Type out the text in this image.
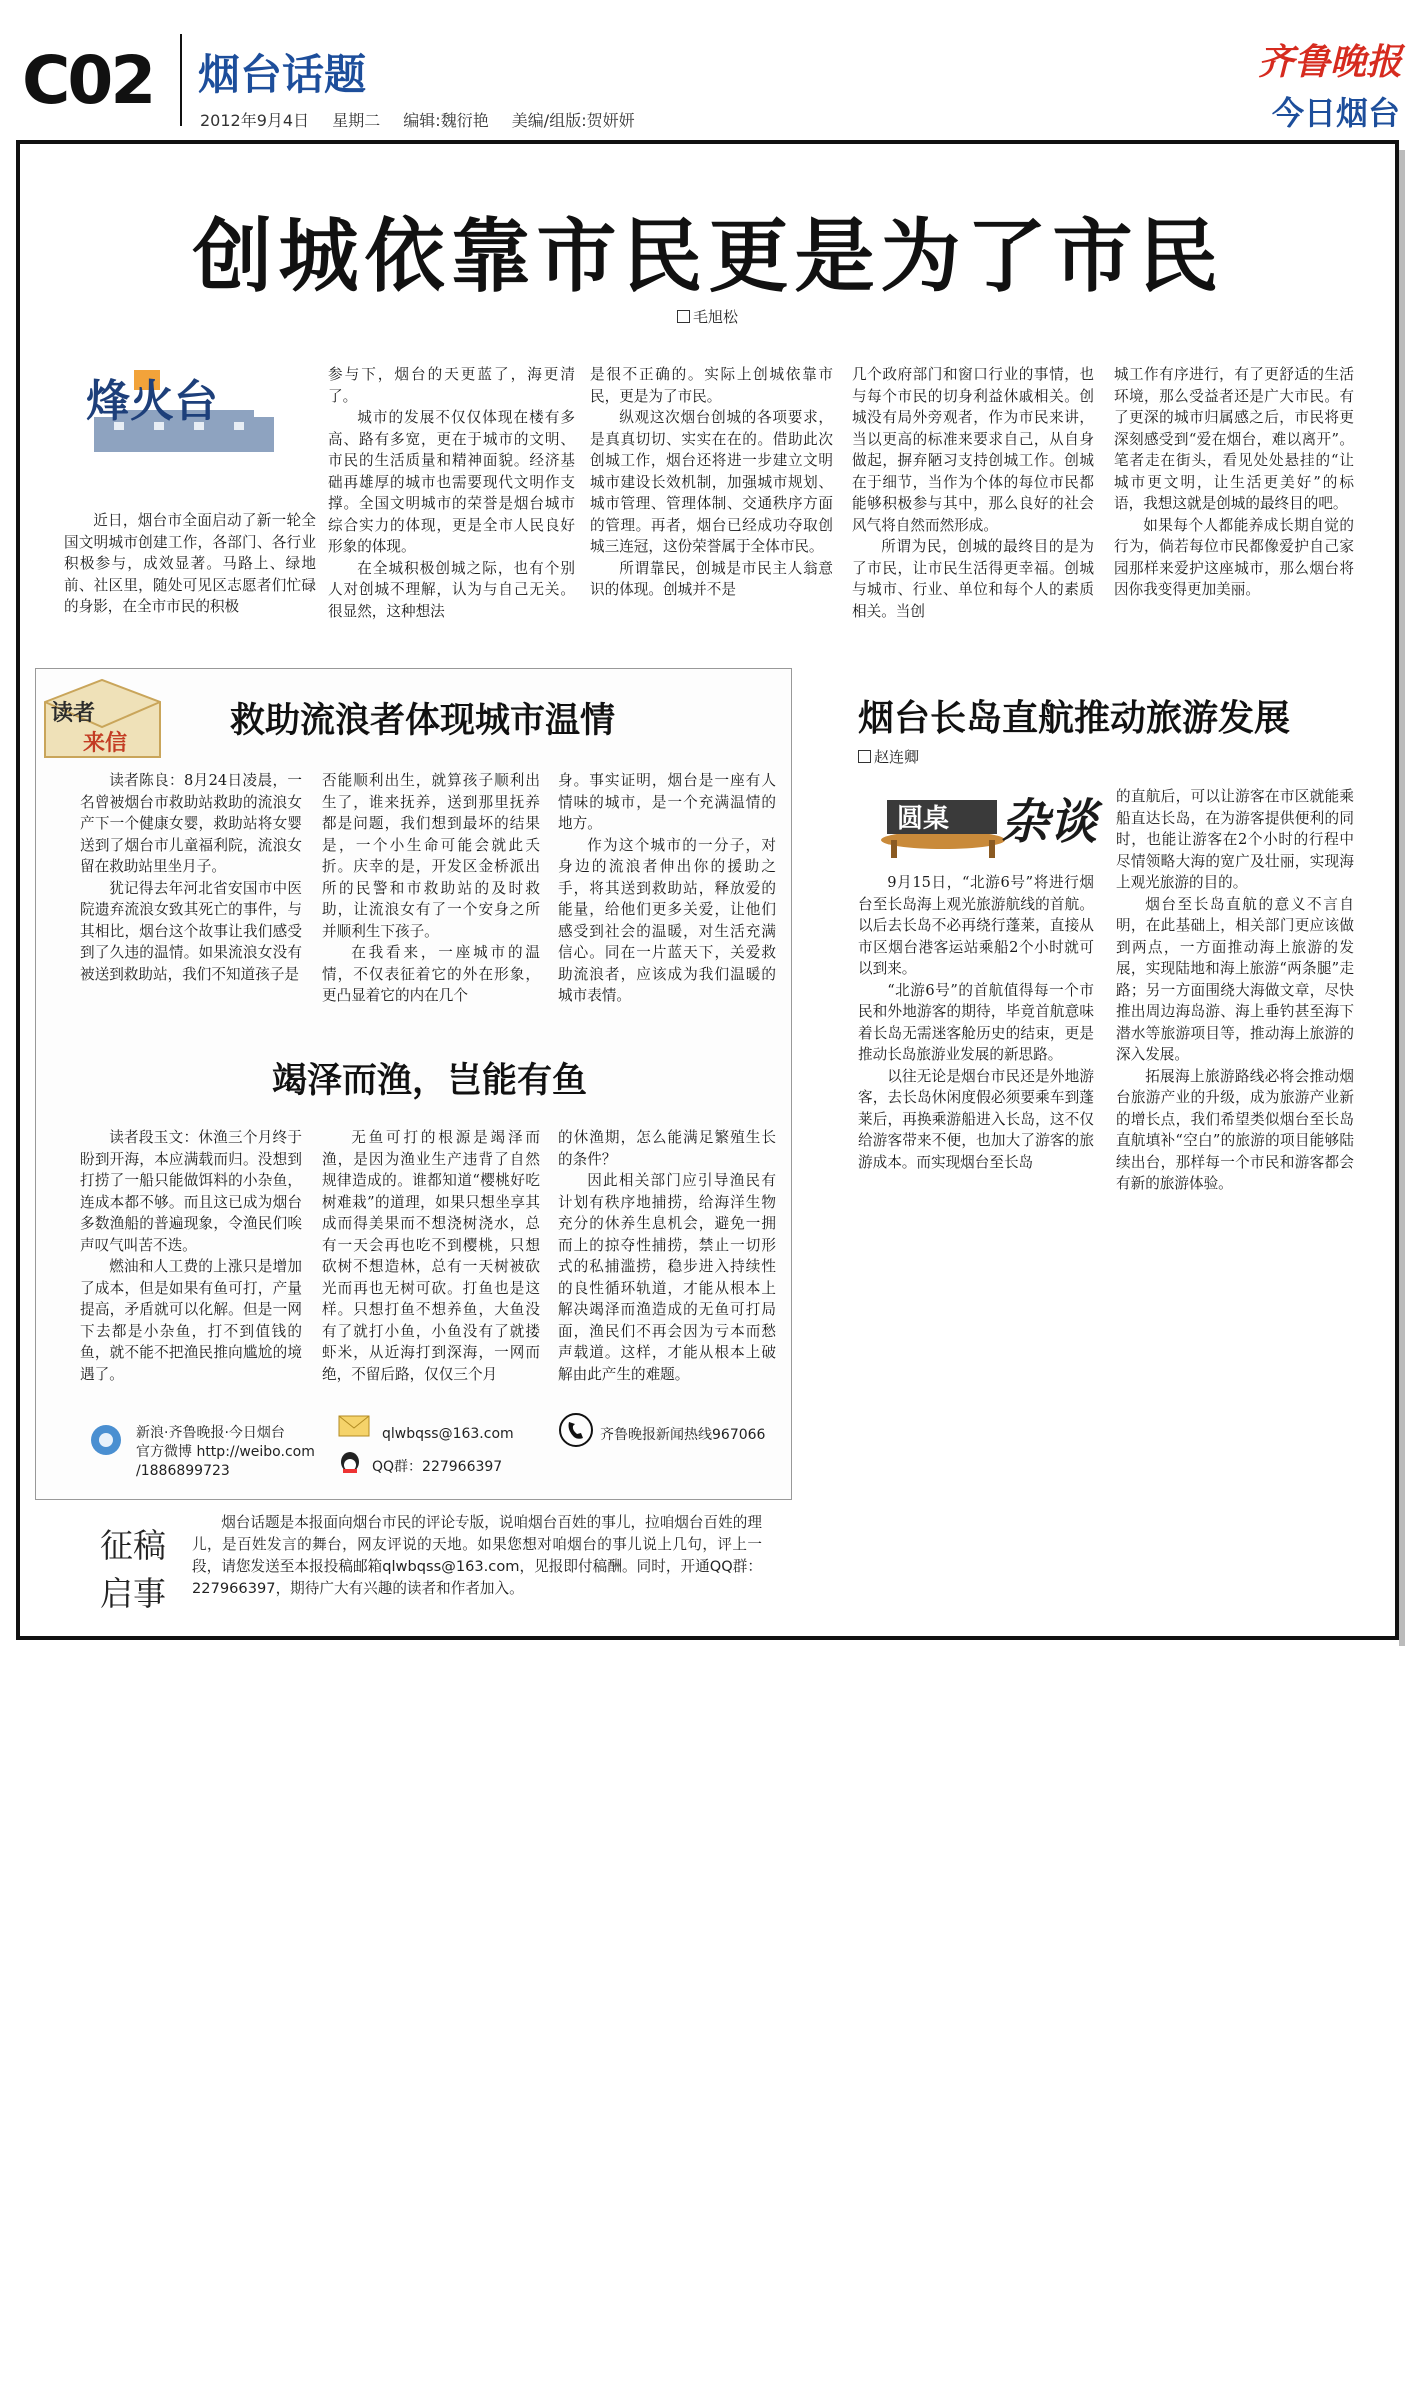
C02 烟台话题
2012年9月4日 星期二 编辑:魏衍艳 美编/组版:贺妍妍
齐鲁晚报
今日烟台
创城依靠市民更是为了市民
毛旭松
烽火台

近日，烟台市全面启动了新一轮全国文明城市创建工作，各部门、各行业积极参与，成效显著。马路上、绿地前、社区里，随处可见区志愿者们忙碌的身影，在全市市民的积极

参与下，烟台的天更蓝了，海更清了。

城市的发展不仅仅体现在楼有多高、路有多宽，更在于城市的文明、市民的生活质量和精神面貌。经济基础再雄厚的城市也需要现代文明作支撑。全国文明城市的荣誉是烟台城市综合实力的体现，更是全市人民良好形象的体现。

在全城积极创城之际，也有个别人对创城不理解，认为与自己无关。很显然，这种想法

是很不正确的。实际上创城依靠市民，更是为了市民。

纵观这次烟台创城的各项要求，是真真切切、实实在在的。借助此次创城工作，烟台还将进一步建立文明城市建设长效机制，加强城市规划、城市管理、管理体制、交通秩序方面的管理。再者，烟台已经成功夺取创城三连冠，这份荣誉属于全体市民。

所谓靠民，创城是市民主人翁意识的体现。创城并不是

几个政府部门和窗口行业的事情，也与每个市民的切身利益休戚相关。创城没有局外旁观者，作为市民来讲，当以更高的标准来要求自己，从自身做起，摒弃陋习支持创城工作。创城在于细节，当作为个体的每位市民都能够积极参与其中，那么良好的社会风气将自然而然形成。

所谓为民，创城的最终目的是为了市民，让市民生活得更幸福。创城与城市、行业、单位和每个人的素质相关。当创

城工作有序进行，有了更舒适的生活环境，那么受益者还是广大市民。有了更深的城市归属感之后，市民将更深刻感受到“爱在烟台，难以离开”。笔者走在街头，看见处处悬挂的“让城市更文明，让生活更美好”的标语，我想这就是创城的最终目的吧。

如果每个人都能养成长期自觉的行为，倘若每位市民都像爱护自己家园那样来爱护这座城市，那么烟台将因你我变得更加美丽。

读者
来信
救助流浪者体现城市温情

读者陈良：8月24日凌晨，一名曾被烟台市救助站救助的流浪女产下一个健康女婴，救助站将女婴送到了烟台市儿童福利院，流浪女留在救助站里坐月子。

犹记得去年河北省安国市中医院遗弃流浪女致其死亡的事件，与其相比，烟台这个故事让我们感受到了久违的温情。如果流浪女没有被送到救助站，我们不知道孩子是

否能顺利出生，就算孩子顺利出生了，谁来抚养，送到那里抚养都是问题，我们想到最坏的结果是，一个小生命可能会就此夭折。庆幸的是，开发区金桥派出所的民警和市救助站的及时救助，让流浪女有了一个安身之所并顺利生下孩子。

在我看来，一座城市的温情，不仅表征着它的外在形象，更凸显着它的内在几个

身。事实证明，烟台是一座有人情味的城市，是一个充满温情的地方。

作为这个城市的一分子，对身边的流浪者伸出你的援助之手，将其送到救助站，释放爱的能量，给他们更多关爱，让他们感受到社会的温暖，对生活充满信心。同在一片蓝天下，关爱救助流浪者，应该成为我们温暖的城市表情。

竭泽而渔，岂能有鱼

读者段玉文：休渔三个月终于盼到开海，本应满载而归。没想到打捞了一船只能做饵料的小杂鱼，连成本都不够。而且这已成为烟台多数渔船的普遍现象，令渔民们唉声叹气叫苦不迭。

燃油和人工费的上涨只是增加了成本，但是如果有鱼可打，产量提高，矛盾就可以化解。但是一网下去都是小杂鱼，打不到值钱的鱼，就不能不把渔民推向尴尬的境遇了。

无鱼可打的根源是竭泽而渔，是因为渔业生产违背了自然规律造成的。谁都知道“樱桃好吃树难栽”的道理，如果只想坐享其成而得美果而不想浇树浇水，总有一天会再也吃不到樱桃，只想砍树不想造林，总有一天树被砍光而再也无树可砍。打鱼也是这样。只想打鱼不想养鱼，大鱼没有了就打小鱼，小鱼没有了就搂虾米，从近海打到深海，一网而绝，不留后路，仅仅三个月

的休渔期，怎么能满足繁殖生长的条件？

因此相关部门应引导渔民有计划有秩序地捕捞，给海洋生物充分的休养生息机会，避免一拥而上的掠夺性捕捞，禁止一切形式的私捕滥捞，稳步进入持续性的良性循环轨道，才能从根本上解决竭泽而渔造成的无鱼可打局面，渔民们不再会因为亏本而愁声载道。这样，才能从根本上破解由此产生的难题。

新浪·齐鲁晚报·今日烟台
官方微博 http://weibo.com
/1886899723
qlwbqss@163.com
QQ群：227966397
齐鲁晚报新闻热线967066
烟台长岛直航推动旅游发展
赵连卿
圆桌 杂谈

9月15日，“北游6号”将进行烟台至长岛海上观光旅游航线的首航。以后去长岛不必再绕行蓬莱，直接从市区烟台港客运站乘船2个小时就可以到来。

“北游6号”的首航值得每一个市民和外地游客的期待，毕竟首航意味着长岛无需迷客舱历史的结束，更是推动长岛旅游业发展的新思路。

以往无论是烟台市民还是外地游客，去长岛休闲度假必须要乘车到蓬莱后，再换乘游船进入长岛，这不仅给游客带来不便，也加大了游客的旅游成本。而实现烟台至长岛

的直航后，可以让游客在市区就能乘船直达长岛，在为游客提供便利的同时，也能让游客在2个小时的行程中尽情领略大海的宽广及壮丽，实现海上观光旅游的目的。

烟台至长岛直航的意义不言自明，在此基础上，相关部门更应该做到两点，一方面推动海上旅游的发展，实现陆地和海上旅游“两条腿”走路；另一方面围绕大海做文章，尽快推出周边海岛游、海上垂钓甚至海下潜水等旅游项目等，推动海上旅游的深入发展。

拓展海上旅游路线必将会推动烟台旅游产业的升级，成为旅游产业新的增长点，我们希望类似烟台至长岛直航填补“空白”的旅游的项目能够陆续出台，那样每一个市民和游客都会有新的旅游体验。

征稿
启事
烟台话题是本报面向烟台市民的评论专版，说咱烟台百姓的事儿，拉咱烟台百姓的理儿，是百姓发言的舞台，网友评说的天地。如果您想对咱烟台的事儿说上几句，评上一段，请您发送至本报投稿邮箱qlwbqss@163.com，见报即付稿酬。同时，开通QQ群：227966397，期待广大有兴趣的读者和作者加入。
